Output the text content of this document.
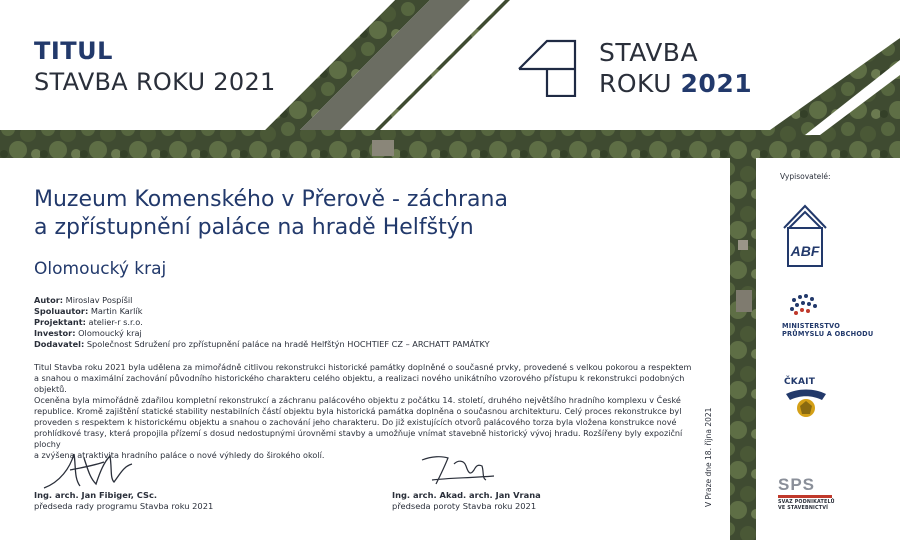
TITUL
STAVBA ROKU 2021
STAVBA
ROKU 2021
Muzeum Komenského v Přerově - záchrana
a zpřístupnění paláce na hradě Helfštýn
Olomoucký kraj
Autor: Miroslav Pospíšil
Spoluautor: Martin Karlík
Projektant: atelier-r s.r.o.
Investor: Olomoucký kraj
Dodavatel: Společnost Sdružení pro zpřístupnění paláce na hradě Helfštýn HOCHTIEF CZ – ARCHATT PAMÁTKY
Titul Stavba roku 2021 byla udělena za mimořádně citlivou rekonstrukci historické památky doplněné o současné prvky, provedené s velkou pokorou a respektem
a snahou o maximální zachování původního historického charakteru celého objektu, a realizaci nového unikátního vzorového přístupu k rekonstrukci podobných objektů.
Oceněna byla mimořádně zdařilou kompletní rekonstrukcí a záchranu palácového objektu z počátku 14. století, druhého největšího hradního komplexu v České
republice. Kromě zajištění statické stability nestabilních částí objektu byla historická památka doplněna o současnou architekturu. Celý proces rekonstrukce byl
proveden s respektem k historickému objektu a snahou o zachování jeho charakteru. Do již existujících otvorů palácového torza byla vložena konstrukce nové
prohlídkové trasy, která propojila přízemí s dosud nedostupnými úrovněmi stavby a umožňuje vnímat stavebně historický vývoj hradu. Rozšířeny byly expoziční plochy
a zvýšena atraktivita hradního paláce o nové výhledy do širokého okolí.
Ing. arch. Jan Fibiger, CSc.
předseda rady programu Stavba roku 2021
Ing. arch. Akad. arch. Jan Vrana
předseda poroty Stavba roku 2021	V Praze dne 18. října 2021
Vypisovatelé:
ABF
MINISTERSTVO
PRŮMYSLU A OBCHODU
ČKAIT
SPS
SVAZ PODNIKATELŮ
VE STAVEBNICTVÍ
